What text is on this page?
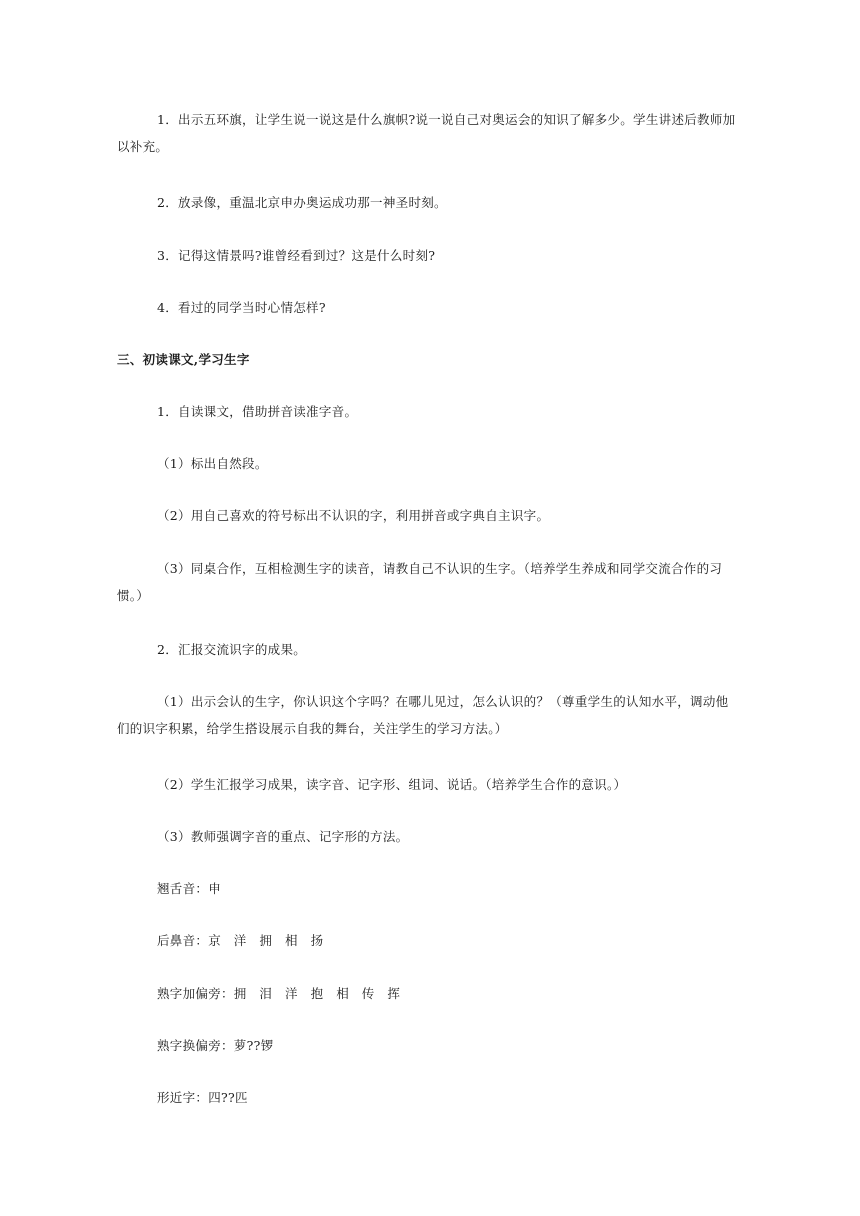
1．出示五环旗，让学生说一说这是什么旗帜?说一说自己对奥运会的知识了解多少。学生讲述后教师加以补充。

2．放录像，重温北京申办奥运成功那一神圣时刻。

3．记得这情景吗?谁曾经看到过？这是什么时刻?

4．看过的同学当时心情怎样?

三、初读课文,学习生字

1．自读课文，借助拼音读准字音。

（1）标出自然段。

（2）用自己喜欢的符号标出不认识的字，利用拼音或字典自主识字。

（3）同桌合作，互相检测生字的读音，请教自己不认识的生字。（培养学生养成和同学交流合作的习惯。）

2．汇报交流识字的成果。

（1）出示会认的生字，你认识这个字吗？在哪儿见过，怎么认识的？（尊重学生的认知水平，调动他们的识字积累，给学生搭设展示自我的舞台，关注学生的学习方法。）

（2）学生汇报学习成果，读字音、记字形、组词、说话。（培养学生合作的意识。）

（3）教师强调字音的重点、记字形的方法。

翘舌音：申

后鼻音：京　洋　拥　相　扬

熟字加偏旁：拥　泪　洋　抱　相　传　挥

熟字换偏旁：萝??锣

形近字：四??匹
